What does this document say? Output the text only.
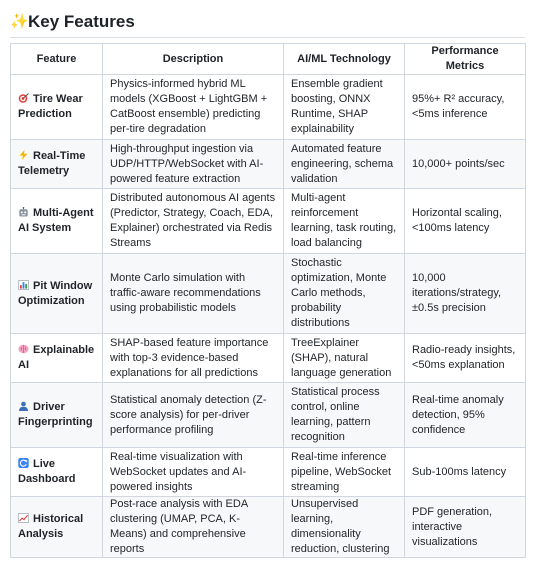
✨ Key Features
Feature	Description	AI/ML Technology	Performance Metrics

Tire Wear Prediction	Physics-informed hybrid ML models (XGBoost + LightGBM + CatBoost ensemble) predicting per-tire degradation	Ensemble gradient boosting, ONNX Runtime, SHAP explainability	95%+ R² accuracy, <5ms inference

Real-Time Telemetry	High-throughput ingestion via UDP/HTTP/WebSocket with AI-powered feature extraction	Automated feature engineering, schema validation	10,000+ points/sec

Multi-Agent AI System	Distributed autonomous AI agents (Predictor, Strategy, Coach, EDA, Explainer) orchestrated via Redis Streams	Multi-agent reinforcement learning, task routing, load balancing	Horizontal scaling, <100ms latency

Pit Window Optimization	Monte Carlo simulation with traffic-aware recommendations using probabilistic models	Stochastic optimization, Monte Carlo methods, probability distributions	10,000 iterations/strategy, ±0.5s precision

Explainable AI	SHAP-based feature importance with top-3 evidence-based explanations for all predictions	TreeExplainer (SHAP), natural language generation	Radio-ready insights, <50ms explanation

Driver Fingerprinting	Statistical anomaly detection (Z-score analysis) for per-driver performance profiling	Statistical process control, online learning, pattern recognition	Real-time anomaly detection, 95% confidence

Live Dashboard	Real-time visualization with WebSocket updates and AI-powered insights	Real-time inference pipeline, WebSocket streaming	Sub-100ms latency

Historical Analysis	Post-race analysis with EDA clustering (UMAP, PCA, K-Means) and comprehensive reports	Unsupervised learning, dimensionality reduction, clustering	PDF generation, interactive visualizations
